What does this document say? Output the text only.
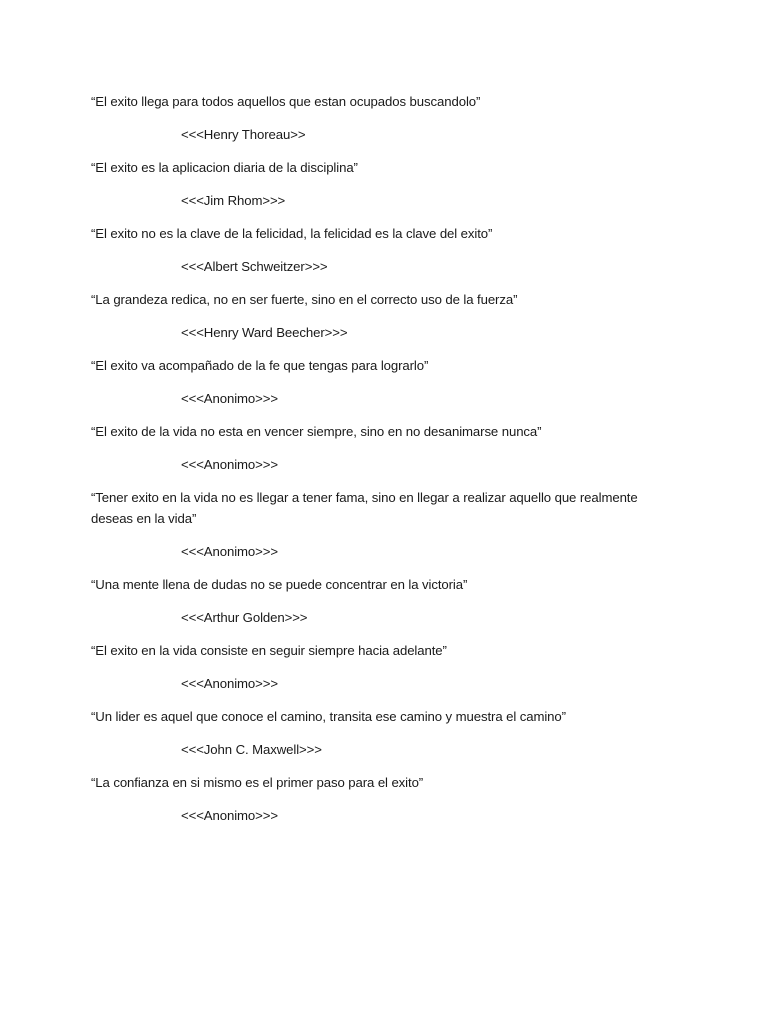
“El exito llega para todos aquellos que estan ocupados buscandolo”

<<<Henry Thoreau>>

“El exito es la aplicacion diaria de la disciplina”

<<<Jim Rhom>>>

“El exito no es la clave de la felicidad, la felicidad es la clave del exito”

<<<Albert Schweitzer>>>

“La grandeza redica, no en ser fuerte, sino en el correcto uso de la fuerza”

<<<Henry Ward Beecher>>>

“El exito va acompañado de la fe que tengas para lograrlo”

<<<Anonimo>>>

“El exito de la vida no esta en vencer siempre, sino en no desanimarse nunca”

<<<Anonimo>>>

“Tener exito en la vida no es llegar a tener fama, sino en llegar a realizar aquello que realmente deseas en la vida”

<<<Anonimo>>>

“Una mente llena de dudas no se puede concentrar en la victoria”

<<<Arthur Golden>>>

“El exito en la vida consiste en seguir siempre hacia adelante”

<<<Anonimo>>>

“Un lider es aquel que conoce el camino, transita ese camino y muestra el camino”

<<<John C. Maxwell>>>

“La confianza en si mismo es el primer paso para el exito”

<<<Anonimo>>>
